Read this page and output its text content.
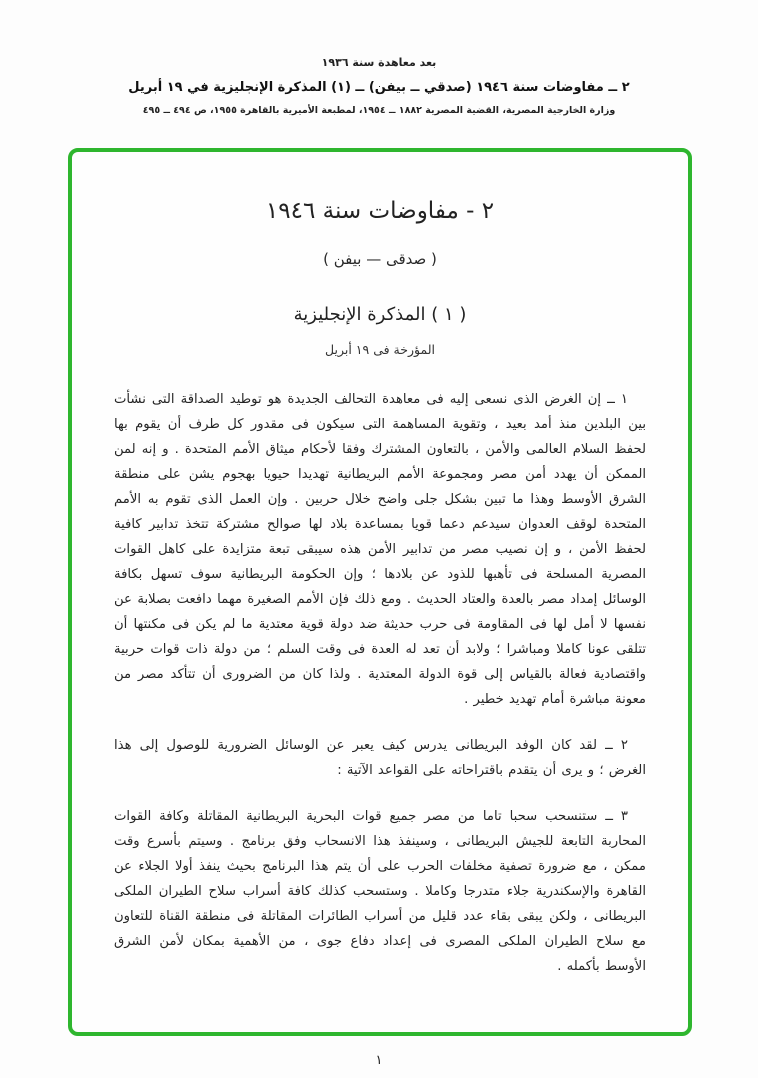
بعد معاهدة سنة ١٩٣٦
٢ ــ مفاوضات سنة ١٩٤٦ (صدقي ــ بيفن) ــ (١) المذكرة الإنجليزية في ١٩ أبريل
وزارة الخارجية المصرية، القضية المصرية ١٨٨٢ ــ ١٩٥٤، لمطبعة الأميرية بالقاهرة ١٩٥٥، ص ٤٩٤ ــ ٤٩٥
٢ - مفاوضات سنة ١٩٤٦
( صدقى — بيفن )
( ١ ) المذكرة الإنجليزية
المؤرخة فى ١٩ أبريل

١ ــ إن الغرض الذى نسعى إليه فى معاهدة التحالف الجديدة هو توطيد الصداقة التى نشأت بين البلدين منذ أمد بعيد ، وتقوية المساهمة التى سيكون فى مقدور كل طرف أن يقوم بها لحفظ السلام العالمى والأمن ، بالتعاون المشترك وفقا لأحكام ميثاق الأمم المتحدة . و إنه لمن الممكن أن يهدد أمن مصر ومجموعة الأمم البريطانية تهديدا حيويا بهجوم يشن على منطقة الشرق الأوسط وهذا ما تبين بشكل جلى واضح خلال حربين . وإن العمل الذى تقوم به الأمم المتحدة لوقف العدوان سيدعم دعما قويا بمساعدة بلاد لها صوالح مشتركة تتخذ تدابير كافية لحفظ الأمن ، و إن نصيب مصر من تدابير الأمن هذه سيبقى تبعة متزايدة على كاهل القوات المصرية المسلحة فى تأهبها للذود عن بلادها ؛ وإن الحكومة البريطانية سوف تسهل بكافة الوسائل إمداد مصر بالعدة والعتاد الحديث . ومع ذلك فإن الأمم الصغيرة مهما دافعت بصلابة عن نفسها لا أمل لها فى المقاومة فى حرب حديثة ضد دولة قوية معتدية ما لم يكن فى مكنتها أن تتلقى عونا كاملا ومباشرا ؛ ولابد أن تعد له العدة فى وقت السلم ؛ من دولة ذات قوات حربية واقتصادية فعالة بالقياس إلى قوة الدولة المعتدية . ولذا كان من الضرورى أن تتأكد مصر من معونة مباشرة أمام تهديد خطير .

٢ ــ لقد كان الوفد البريطانى يدرس كيف يعبر عن الوسائل الضرورية للوصول إلى هذا الغرض ؛ و يرى أن يتقدم باقتراحاته على القواعد الآتية :

٣ ــ ستنسحب سحبا تاما من مصر جميع قوات البحرية البريطانية المقاتلة وكافة القوات المحاربة التابعة للجيش البريطانى ، وسينفذ هذا الانسحاب وفق برنامج . وسيتم بأسرع وقت ممكن ، مع ضرورة تصفية مخلفات الحرب على أن يتم هذا البرنامج بحيث ينفذ أولا الجلاء عن القاهرة والإسكندرية جلاء متدرجا وكاملا . وستسحب كذلك كافة أسراب سلاح الطيران الملكى البريطانى ، ولكن يبقى بقاء عدد قليل من أسراب الطائرات المقاتلة فى منطقة القناة للتعاون مع سلاح الطيران الملكى المصرى فى إعداد دفاع جوى ، من الأهمية بمكان لأمن الشرق الأوسط بأكمله .

١
